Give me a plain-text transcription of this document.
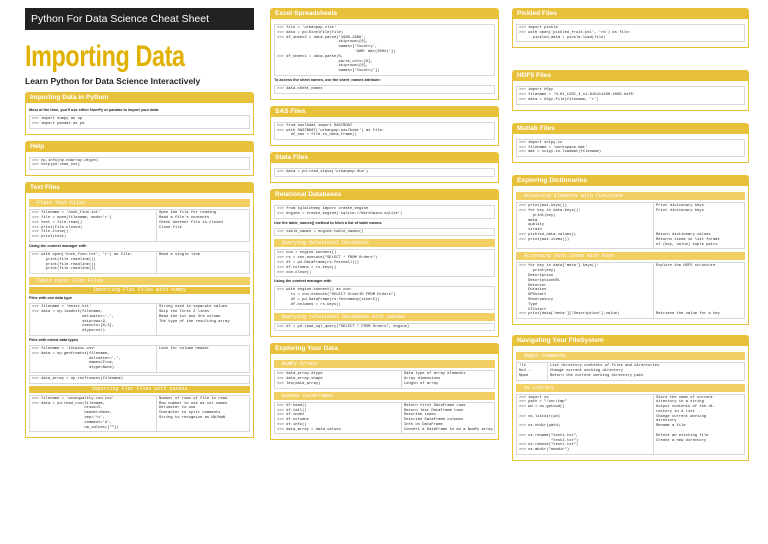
Python For Data Science Cheat Sheet
Importing Data
Learn Python for Data Science Interactively
Importing Data in Python
Most of the time, you'll use either NumPy or pandas to import your data:
>>> import numpy as np
>>> import pandas as pd
Help
>>> np.info(np.ndarray.dtype)
>>> help(pd.read_csv)
Text Files
Plain Text Files
>>> filename = 'huck_finn.txt'
>>> file = open(filename, mode='r')
>>> text = file.read()
>>> print(file.closed)
>>> file.close()
>>> print(text)
Open the file for reading
Read a file's contents
Check whether file is closed
Close file
Using the context manager with
>>> with open('huck_finn.txt', 'r') as file:
print(file.readline())
print(file.readline())
print(file.readline())
Read a single line
Table Data: Flat Files
Importing Flat Files with numpy
Files with one data type
>>> filename = 'mnist.txt'
>>> data = np.loadtxt(filename,
delimiter=',',
skiprows=2,
usecols=[0,2],
dtype=str)
String used to separate values
Skip the first 2 lines
Read the 1st and 3rd column
The type of the resulting array
Files with mixed data types
>>> filename = 'titanic.csv'
>>> data = np.genfromtxt(filename,
delimiter=',',
names=True,
dtype=None)
Look for column header
>>> data_array = np.recfromcsv(filename)
Importing Flat Files with pandas
>>> filename = 'winequality-red.csv'
>>> data = pd.read_csv(filename,
nrows=5,
header=None,
sep='\t',
comment='#',
na_values=[""])
Number of rows of file to read
Row number to use as col names
Delimiter to use
Character to split comments
String to recognize as NA/NaN
Excel Spreadsheets
>>> file = 'urbanpop.xlsx'
>>> data = pd.ExcelFile(file)
>>> df_sheet2 = data.parse('1960-1966',
skiprows=[0],
names=['Country',
'AAM: War(2002)'])
>>> df_sheet1 = data.parse(0,
parse_cols=[0],
skiprows=[0],
names=['Country'])
To access the sheet names, use the sheet_names attribute:
>>> data.sheet_names
SAS Files
>>> from sas7bdat import SAS7BDAT
>>> with SAS7BDAT('urbanpop.sas7bdat') as file:
df_sas = file.to_data_frame()
Stata Files
>>> data = pd.read_stata('urbanpop.dta')
Relational Databases
>>> from sqlalchemy import create_engine
>>> engine = create_engine('sqlite://Northwind.sqlite')
Use the table_names() method to fetch a list of table names:
>>> table_names = engine.table_names()
Querying Relational Databases
>>> con = engine.connect()
>>> rs = con.execute("SELECT * FROM Orders")
>>> df = pd.DataFrame(rs.fetchall())
>>> df.columns = rs.keys()
>>> con.close()
Using the context manager with
>>> with engine.connect() as con:
rs = con.execute("SELECT OrderID FROM Orders")
df = pd.DataFrame(rs.fetchmany(size=5))
df.columns = rs.keys()
Querying relational databases with pandas
>>> df = pd.read_sql_query("SELECT * FROM Orders", engine)
Exploring Your Data
NumPy Arrays
>>> data_array.dtype
>>> data_array.shape
>>> len(data_array)
Data type of array elements
Array dimensions
Length of array
pandas DataFrames
>>> df.head()
>>> df.tail()
>>> df.index
>>> df.columns
>>> df.info()
>>> data_array = data.values
Return first DataFrame rows
Return last DataFrame rows
Describe index
Describe DataFrame columns
Info on DataFrame
Convert a DataFrame to an a NumPy array
Pickled Files
>>> import pickle
>>> with open('pickled_fruit.pkl', 'rb') as file:
pickled_data = pickle.load(file)
HDF5 Files
>>> import h5py
>>> filename = 'H-H1_LOSC_4_v1-815411200-4096.hdf5'
>>> data = h5py.File(filename, 'r')
Matlab Files
>>> import scipy.io
>>> filename = 'workspace.mat'
>>> mat = scipy.io.loadmat(filename)
Exploring Dictionaries
Accessing Elements with Functions
>>> print(mat.keys())
>>> for key in data.keys():
print(key)
meta
quality
strain
>>> pickled_data.values()
>>> print(mat.items())
Print dictionary keys
Print dictionary keys

Return dictionary values
Returns items in list format
of (key, value) tuple pairs
Accessing Data Items with Keys
>>> for key in data['meta'].keys():
print(key)
Description
DescriptionURL
Detector
Duration
GPSstart
Observatory
Type
UTCstart
>>> print(data['meta']['Description'].value)
Explore the HDF5 structure

Retrieve the value for a key
Navigating Your FileSystem
Magic Commands
!ls
%cd ..
%pwd
List directory contents of files and directories
Change current working directory
Return the current working directory path
os Library
>>> import os
>>> path = "/usr/tmp"
>>> wd = os.getcwd()

>>> os.listdir(wd)

>>> os.chdir(path)

>>> os.rename("test1.txt",
"test2.txt")
>>> os.remove("test1.txt")
>>> os.mkdir("newdir")
Store the name of current
directory in a string
Output contents of the di-
rectory in a list
Change current working
directory
Rename a file

Delete an existing file
Create a new directory
